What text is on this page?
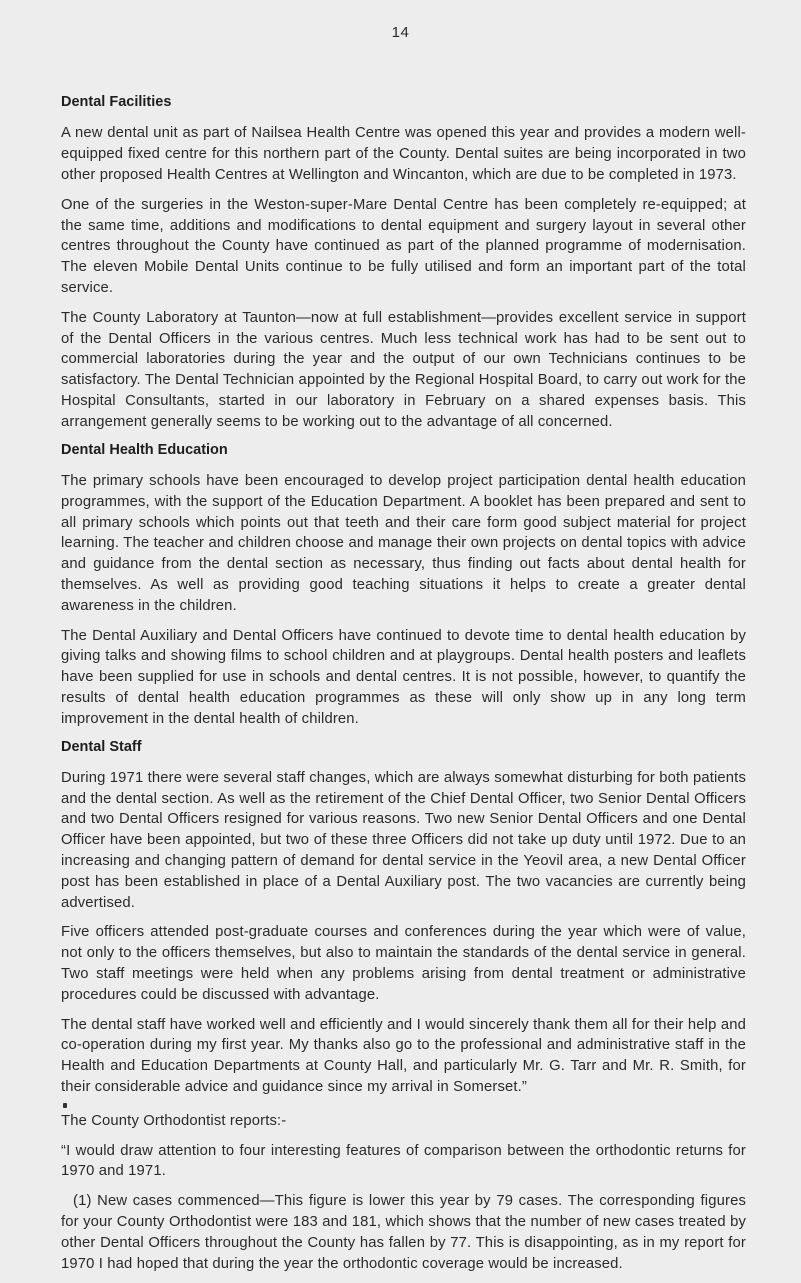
14
Dental Facilities

A new dental unit as part of Nailsea Health Centre was opened this year and provides a modern well-equipped fixed centre for this northern part of the County. Dental suites are being incorporated in two other proposed Health Centres at Wellington and Wincanton, which are due to be completed in 1973.

One of the surgeries in the Weston-super-Mare Dental Centre has been completely re-equipped; at the same time, additions and modifications to dental equipment and surgery layout in several other centres throughout the County have continued as part of the planned programme of modernisation. The eleven Mobile Dental Units continue to be fully utilised and form an important part of the total service.

The County Laboratory at Taunton—now at full establishment—provides excellent service in support of the Dental Officers in the various centres. Much less technical work has had to be sent out to commercial laboratories during the year and the output of our own Technicians continues to be satisfactory. The Dental Technician appointed by the Regional Hospital Board, to carry out work for the Hospital Consultants, started in our laboratory in February on a shared expenses basis. This arrangement generally seems to be working out to the advantage of all concerned.

Dental Health Education

The primary schools have been encouraged to develop project participation dental health education programmes, with the support of the Education Department. A booklet has been prepared and sent to all primary schools which points out that teeth and their care form good subject material for project learning. The teacher and children choose and manage their own projects on dental topics with advice and guidance from the dental section as necessary, thus finding out facts about dental health for themselves. As well as providing good teaching situations it helps to create a greater dental awareness in the children.

The Dental Auxiliary and Dental Officers have continued to devote time to dental health education by giving talks and showing films to school children and at playgroups. Dental health posters and leaflets have been supplied for use in schools and dental centres. It is not possible, however, to quantify the results of dental health education programmes as these will only show up in any long term improvement in the dental health of children.

Dental Staff

During 1971 there were several staff changes, which are always somewhat disturbing for both patients and the dental section. As well as the retirement of the Chief Dental Officer, two Senior Dental Officers and two Dental Officers resigned for various reasons. Two new Senior Dental Officers and one Dental Officer have been appointed, but two of these three Officers did not take up duty until 1972. Due to an increasing and changing pattern of demand for dental service in the Yeovil area, a new Dental Officer post has been established in place of a Dental Auxiliary post. The two vacancies are currently being advertised.

Five officers attended post-graduate courses and conferences during the year which were of value, not only to the officers themselves, but also to maintain the standards of the dental service in general. Two staff meetings were held when any problems arising from dental treatment or administrative procedures could be discussed with advantage.

The dental staff have worked well and efficiently and I would sincerely thank them all for their help and co-operation during my first year. My thanks also go to the professional and administrative staff in the Health and Education Departments at County Hall, and particularly Mr. G. Tarr and Mr. R. Smith, for their considerable advice and guidance since my arrival in Somerset.”

The County Orthodontist reports:-

“I would draw attention to four interesting features of comparison between the orthodontic returns for 1970 and 1971.

(1) New cases commenced—This figure is lower this year by 79 cases. The corresponding figures for your County Orthodontist were 183 and 181, which shows that the number of new cases treated by other Dental Officers throughout the County has fallen by 77. This is disappointing, as in my report for 1970 I had hoped that during the year the orthodontic coverage would be increased.
